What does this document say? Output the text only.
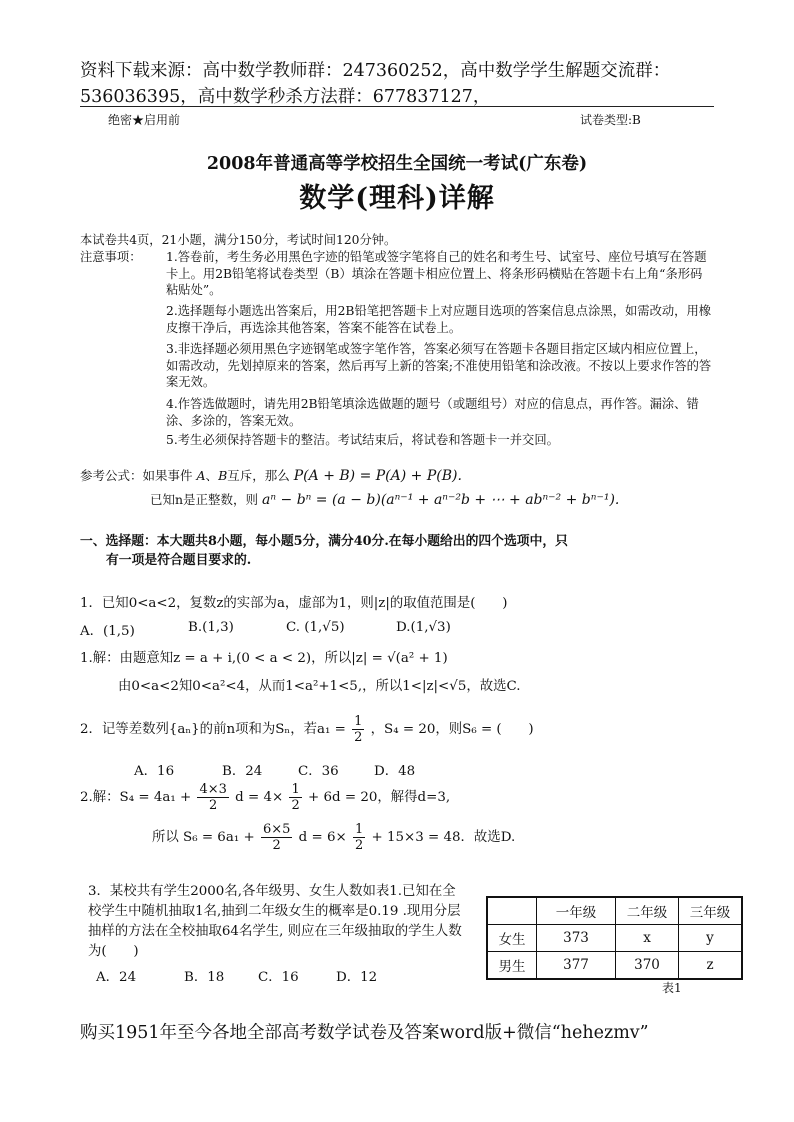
资料下载来源：高中数学教师群：247360252，高中数学学生解题交流群：
536036395，高中数学秒杀方法群：677837127，
绝密★启用前	试卷类型:B
2008年普通高等学校招生全国统一考试(广东卷)
数学(理科)详解
本试卷共4页，21小题，满分150分，考试时间120分钟。
注意事项： 1.答卷前，考生务必用黑色字迹的铅笔或签字笔将自己的姓名和考生号、试室号、座位号填写在答题卡上。用2B铅笔将试卷类型（B）填涂在答题卡相应位置上、将条形码横贴在答题卡右上角“条形码粘贴处”。
2.选择题每小题选出答案后，用2B铅笔把答题卡上对应题目选项的答案信息点涂黑，如需改动，用橡皮擦干净后，再选涂其他答案，答案不能答在试卷上。
3.非选择题必须用黑色字迹钢笔或签字笔作答，答案必须写在答题卡各题目指定区域内相应位置上，如需改动，先划掉原来的答案，然后再写上新的答案;不准使用铅笔和涂改液。不按以上要求作答的答案无效。
4.作答选做题时，请先用2B铅笔填涂选做题的题号（或题组号）对应的信息点，再作答。漏涂、错涂、多涂的，答案无效。
5.考生必须保持答题卡的整洁。考试结束后，将试卷和答题卡一并交回。
参考公式：如果事件 A、B互斥，那么 P(A + B) = P(A) + P(B).
已知n是正整数，则 aⁿ − bⁿ = (a − b)(aⁿ⁻¹ + aⁿ⁻²b + ⋯ + abⁿ⁻² + bⁿ⁻¹).
一、选择题：本大题共8小题，每小题5分，满分40分.在每小题给出的四个选项中，只
有一项是符合题目要求的.
1．已知0<a<2，复数z的实部为a，虚部为1，则|z|的取值范围是(　　)
A．(1,5)	B.(1,3)	C. (1,√5)	D.(1,√3)
1.解：由题意知z = a + i,(0 < a < 2)，所以|z| = √(a² + 1)
由0<a<2知0<a²<4，从而1<a²+1<5,，所以1<|z|<√5，故选C.
2．记等差数列{aₙ}的前n项和为Sₙ，若$a_1 = \frac{1}{2}$ ，S₄ = 20，则S₆ = (　　)
A．16	B．24	C．36	D．48
2.解：$S_4 = 4a_1 + \frac{4\times 3}{2}$ $d = 4\times \frac{1}{2} + 6d = 20$，解得d=3,
所以 $S_6 = 6a_1 + \frac{6\times 5}{2}$ $d = 6\times \frac{1}{2} + 15\times 3 = 48$．故选D.
3．某校共有学生2000名,各年级男、女生人数如表1.已知在全校学生中随机抽取1名,抽到二年级女生的概率是0.19 .现用分层抽样的方法在全校抽取64名学生, 则应在三年级抽取的学生人数为(　　)
A．24	B．18	C．16	D．12
	一年级	二年级	三年级
女生	373	x	y
男生	377	370	z
表1
购买1951年至今各地全部高考数学试卷及答案word版+微信“hehezmv”
